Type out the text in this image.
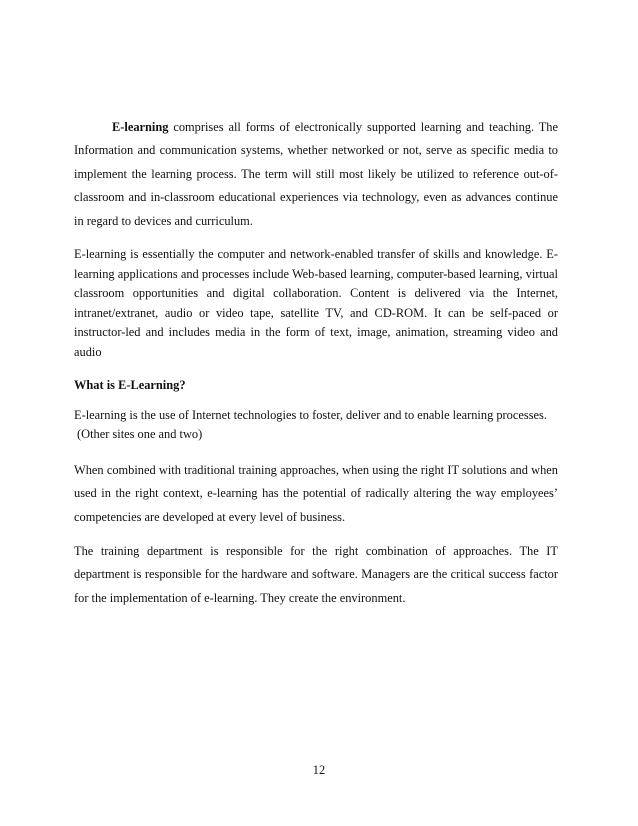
E-learning comprises all forms of electronically supported learning and teaching. The Information and communication systems, whether networked or not, serve as specific media to implement the learning process. The term will still most likely be utilized to reference out-of-classroom and in-classroom educational experiences via technology, even as advances continue in regard to devices and curriculum.

E-learning is essentially the computer and network-enabled transfer of skills and knowledge. E-learning applications and processes include Web-based learning, computer-based learning, virtual classroom opportunities and digital collaboration. Content is delivered via the Internet, intranet/extranet, audio or video tape, satellite TV, and CD-ROM. It can be self-paced or instructor-led and includes media in the form of text, image, animation, streaming video and audio

What is E-Learning?

E-learning is the use of Internet technologies to foster, deliver and to enable learning processes.
(Other sites one and two)

When combined with traditional training approaches, when using the right IT solutions and when used in the right context, e-learning has the potential of radically altering the way employees’ competencies are developed at every level of business.

The training department is responsible for the right combination of approaches. The IT department is responsible for the hardware and software. Managers are the critical success factor for the implementation of e-learning. They create the environment.

12
